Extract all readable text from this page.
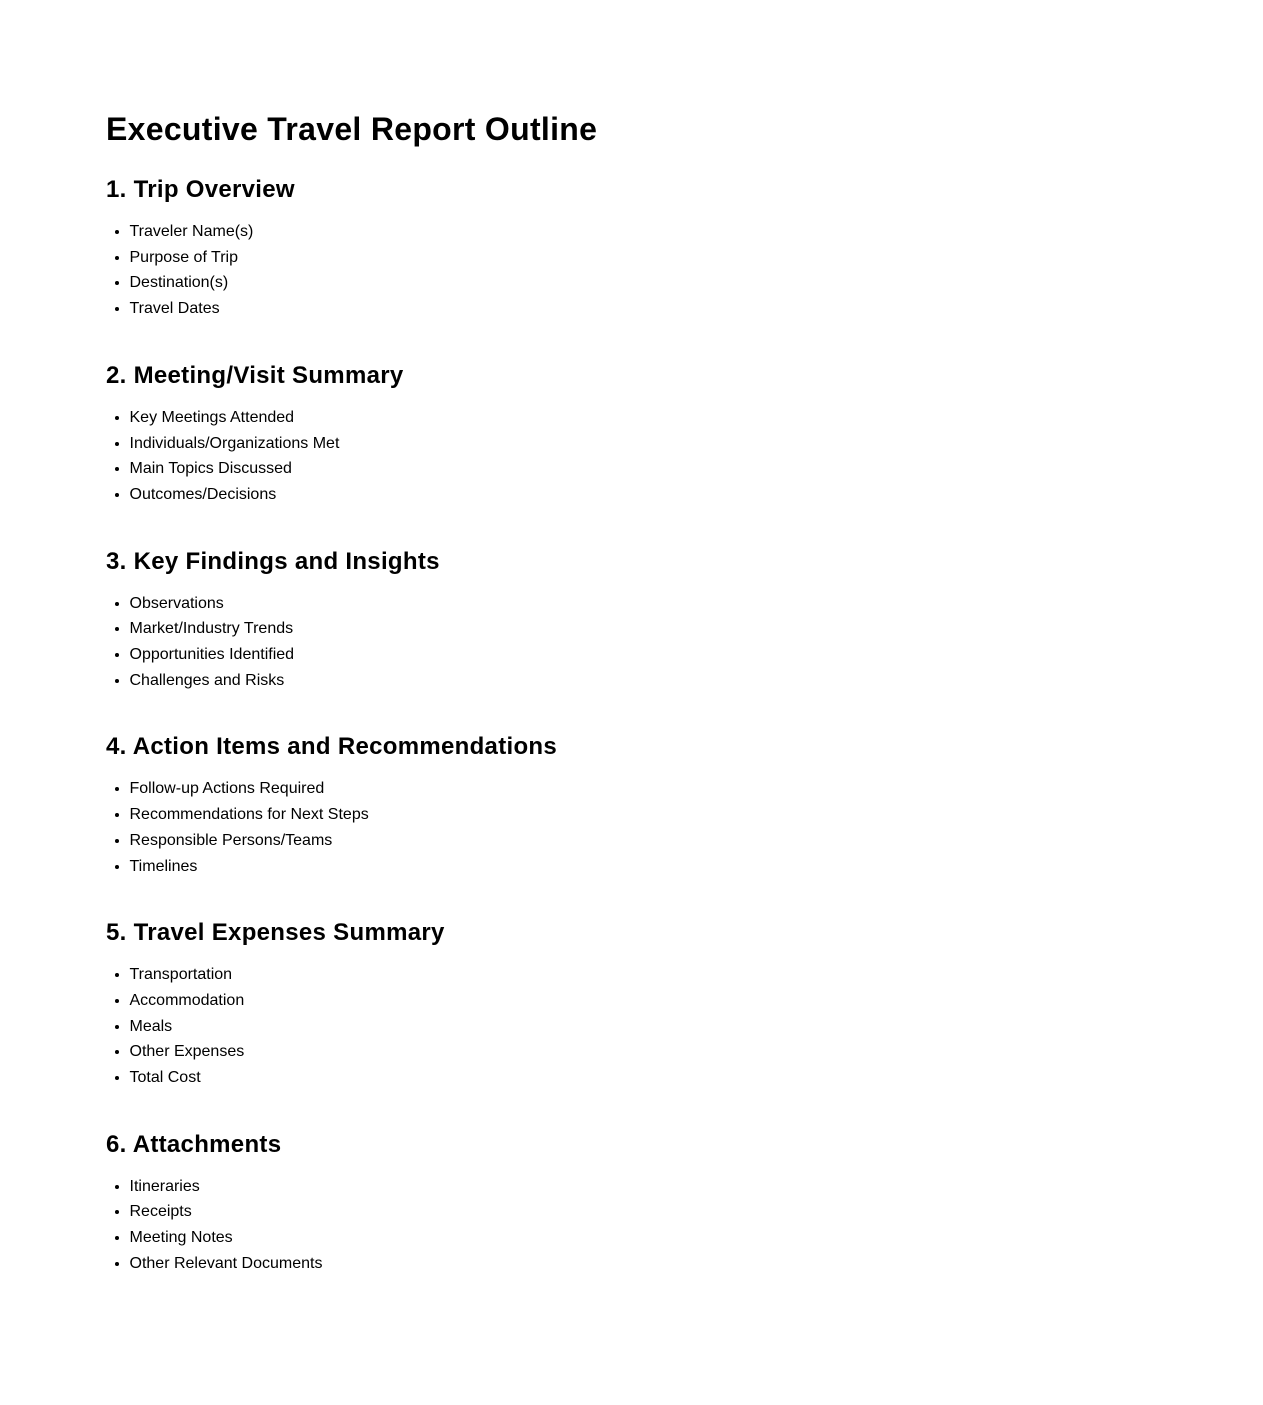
Executive Travel Report Outline
1. Trip Overview
• Traveler Name(s)
• Purpose of Trip
• Destination(s)
• Travel Dates
2. Meeting/Visit Summary
• Key Meetings Attended
• Individuals/Organizations Met
• Main Topics Discussed
• Outcomes/Decisions
3. Key Findings and Insights
• Observations
• Market/Industry Trends
• Opportunities Identified
• Challenges and Risks
4. Action Items and Recommendations
• Follow-up Actions Required
• Recommendations for Next Steps
• Responsible Persons/Teams
• Timelines
5. Travel Expenses Summary
• Transportation
• Accommodation
• Meals
• Other Expenses
• Total Cost
6. Attachments
• Itineraries
• Receipts
• Meeting Notes
• Other Relevant Documents
